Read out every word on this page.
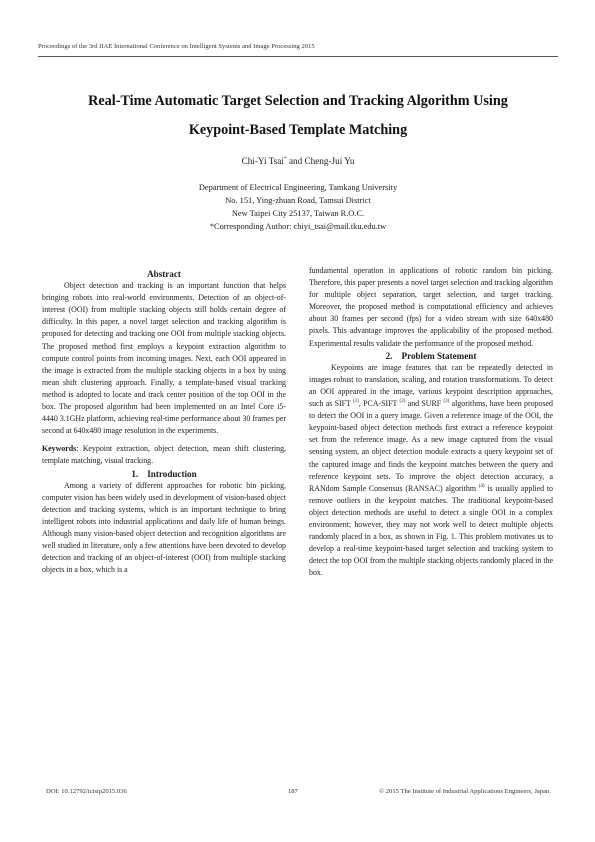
Proceedings of the 3rd IIAE International Conference on Intelligent Systems and Image Processing 2015
Real-Time Automatic Target Selection and Tracking Algorithm Using
Keypoint-Based Template Matching
Chi-Yi Tsai* and Cheng-Jui Yu
Department of Electrical Engineering, Tamkang University
No. 151, Ying-zhuan Road, Tamsui District
New Taipei City 25137, Taiwan R.O.C.
*Corresponding Author: chiyi_tsai@mail.tku.edu.tw

Abstract

Object detection and tracking is an important function that helps bringing robots into real-world environments. Detection of an object-of-interest (OOI) from multiple stacking objects still holds certain degree of difficulty. In this paper, a novel target selection and tracking algorithm is proposed for detecting and tracking one OOI from multiple stacking objects. The proposed method first employs a keypoint extraction algorithm to compute control points from incoming images. Next, each OOI appeared in the image is extracted from the multiple stacking objects in a box by using mean shift clustering approach. Finally, a template-based visual tracking method is adopted to locate and track center position of the top OOI in the box. The proposed algorithm had been implemented on an Intel Core i5-4440 3.1GHz platform, achieving real-time performance about 30 frames per second at 640x480 image resolution in the experiments.

Keywords: Keypoint extraction, object detection, mean shift clustering, template matching, visual tracking.

1.  Introduction

Among a variety of different approaches for robotic bin picking, computer vision has been widely used in development of vision-based object detection and tracking systems, which is an important technique to bring intelligent robots into industrial applications and daily life of human beings. Although many vision-based object detection and recognition algorithms are well studied in literature, only a few attentions have been devoted to develop detection and tracking of an object-of-interest (OOI) from multiple stacking objects in a box, which is a

fundamental operation in applications of robotic random bin picking. Therefore, this paper presents a novel target selection and tracking algorithm for multiple object separation, target selection, and target tracking. Moreover, the proposed method is computational efficiency and achieves about 30 frames per second (fps) for a video stream with size 640x480 pixels. This advantage improves the applicability of the proposed method. Experimental results validate the performance of the proposed method.

2.  Problem Statement

Keypoints are image features that can be repeatedly detected in images robust to translation, scaling, and rotation transformations. To detect an OOI appeared in the image, various keypoint description approaches, such as SIFT $^{(1)}$, PCA-SIFT $^{(2)}$ and SURF $^{(3)}$ algorithms, have been proposed to detect the OOI in a query image. Given a reference image of the OOI, the keypoint-based object detection methods first extract a reference keypoint set from the reference image. As a new image captured from the visual sensing system, an object detection module extracts a query keypoint set of the captured image and finds the keypoint matches between the query and reference keypoint sets. To improve the object detection accuracy, a RANdom Sample Consensus (RANSAC) algorithm $^{(4)}$ is usually applied to remove outliers in the keypoint matches. The traditional keypoint-based object detection methods are useful to detect a single OOI in a complex environment; however, they may not work well to detect multiple objects randomly placed in a box, as shown in Fig. 1. This problem motivates us to develop a real-time keypoint-based target selection and tracking system to detect the top OOI from the multiple stacking objects randomly placed in the box.

DOI: 10.12792/icisip2015.036	187	© 2015 The Institute of Industrial Applications Engineers, Japan.
